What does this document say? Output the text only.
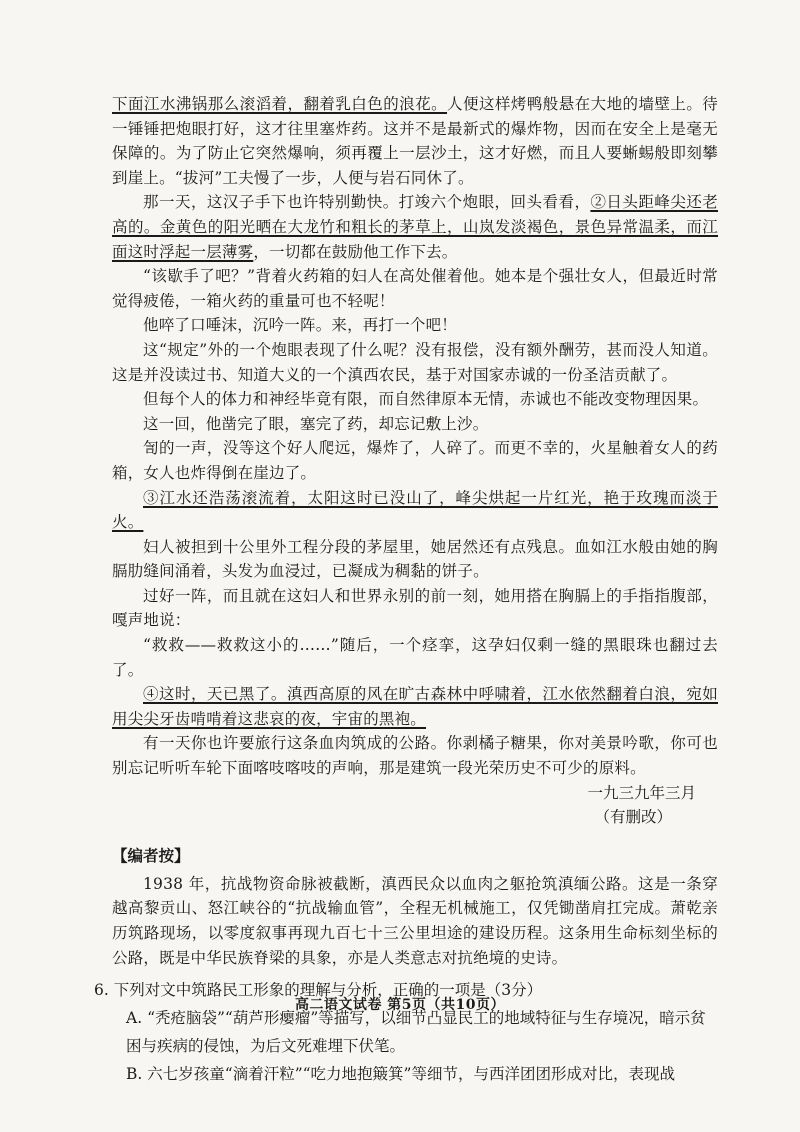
下面江水沸锅那么滚滔着，翻着乳白色的浪花。人便这样烤鸭般悬在大地的墙壁上。待一锤锤把炮眼打好，这才往里塞炸药。这并不是最新式的爆炸物，因而在安全上是毫无保障的。为了防止它突然爆响，须再覆上一层沙土，这才好燃，而且人要蜥蜴般即刻攀到崖上。“拔河”工夫慢了一步，人便与岩石同休了。

那一天，这汉子手下也许特别勤快。打竣六个炮眼，回头看看，②日头距峰尖还老高的。金黄色的阳光晒在大龙竹和粗长的茅草上，山岚发淡褐色，景色异常温柔，而江面这时浮起一层薄雾，一切都在鼓励他工作下去。

“该歇手了吧？”背着火药箱的妇人在高处催着他。她本是个强壮女人，但最近时常觉得疲倦，一箱火药的重量可也不轻呢！

他啐了口唾沫，沉吟一阵。来，再打一个吧！

这“规定”外的一个炮眼表现了什么呢？没有报偿，没有额外酬劳，甚而没人知道。这是并没读过书、知道大义的一个滇西农民，基于对国家赤诚的一份圣洁贡献了。

但每个人的体力和神经毕竟有限，而自然律原本无情，赤诚也不能改变物理因果。

这一回，他凿完了眼，塞完了药，却忘记敷上沙。

訇的一声，没等这个好人爬远，爆炸了，人碎了。而更不幸的，火星触着女人的药箱，女人也炸得倒在崖边了。

③江水还浩荡滚流着，太阳这时已没山了，峰尖烘起一片红光，艳于玫瑰而淡于火。

妇人被担到十公里外工程分段的茅屋里，她居然还有点残息。血如江水般由她的胸膈肋缝间涌着，头发为血浸过，已凝成为稠黏的饼子。

过好一阵，而且就在这妇人和世界永别的前一刻，她用搭在胸膈上的手指指腹部，嘎声地说：

“救救——救救这小的……”随后，一个痉挛，这孕妇仅剩一缝的黑眼珠也翻过去了。

④这时，天已黑了。滇西高原的风在旷古森林中呼啸着，江水依然翻着白浪，宛如用尖尖牙齿啃啃着这悲哀的夜，宇宙的黑袍。

有一天你也许要旅行这条血肉筑成的公路。你剥橘子糖果，你对美景吟歌，你可也别忘记听听车轮下面喀吱喀吱的声响，那是建筑一段光荣历史不可少的原料。

一九三九年三月

（有删改）

【编者按】

1938 年，抗战物资命脉被截断，滇西民众以血肉之躯抢筑滇缅公路。这是一条穿越高黎贡山、怒江峡谷的“抗战输血管”，全程无机械施工，仅凭锄凿肩扛完成。萧乾亲历筑路现场，以零度叙事再现九百七十三公里坦途的建设历程。这条用生命标刻坐标的公路，既是中华民族脊梁的具象，亦是人类意志对抗绝境的史诗。

6. 下列对文中筑路民工形象的理解与分析，正确的一项是（3分）
A. “秃疮脑袋”“葫芦形瘿瘤”等描写，以细节凸显民工的地域特征与生存境况，暗示贫困与疾病的侵蚀，为后文死难埋下伏笔。
B. 六七岁孩童“滴着汗粒”“吃力地抱簸箕”等细节，与西洋团团形成对比，表现战
高二语文试卷 第5页（共10页）
